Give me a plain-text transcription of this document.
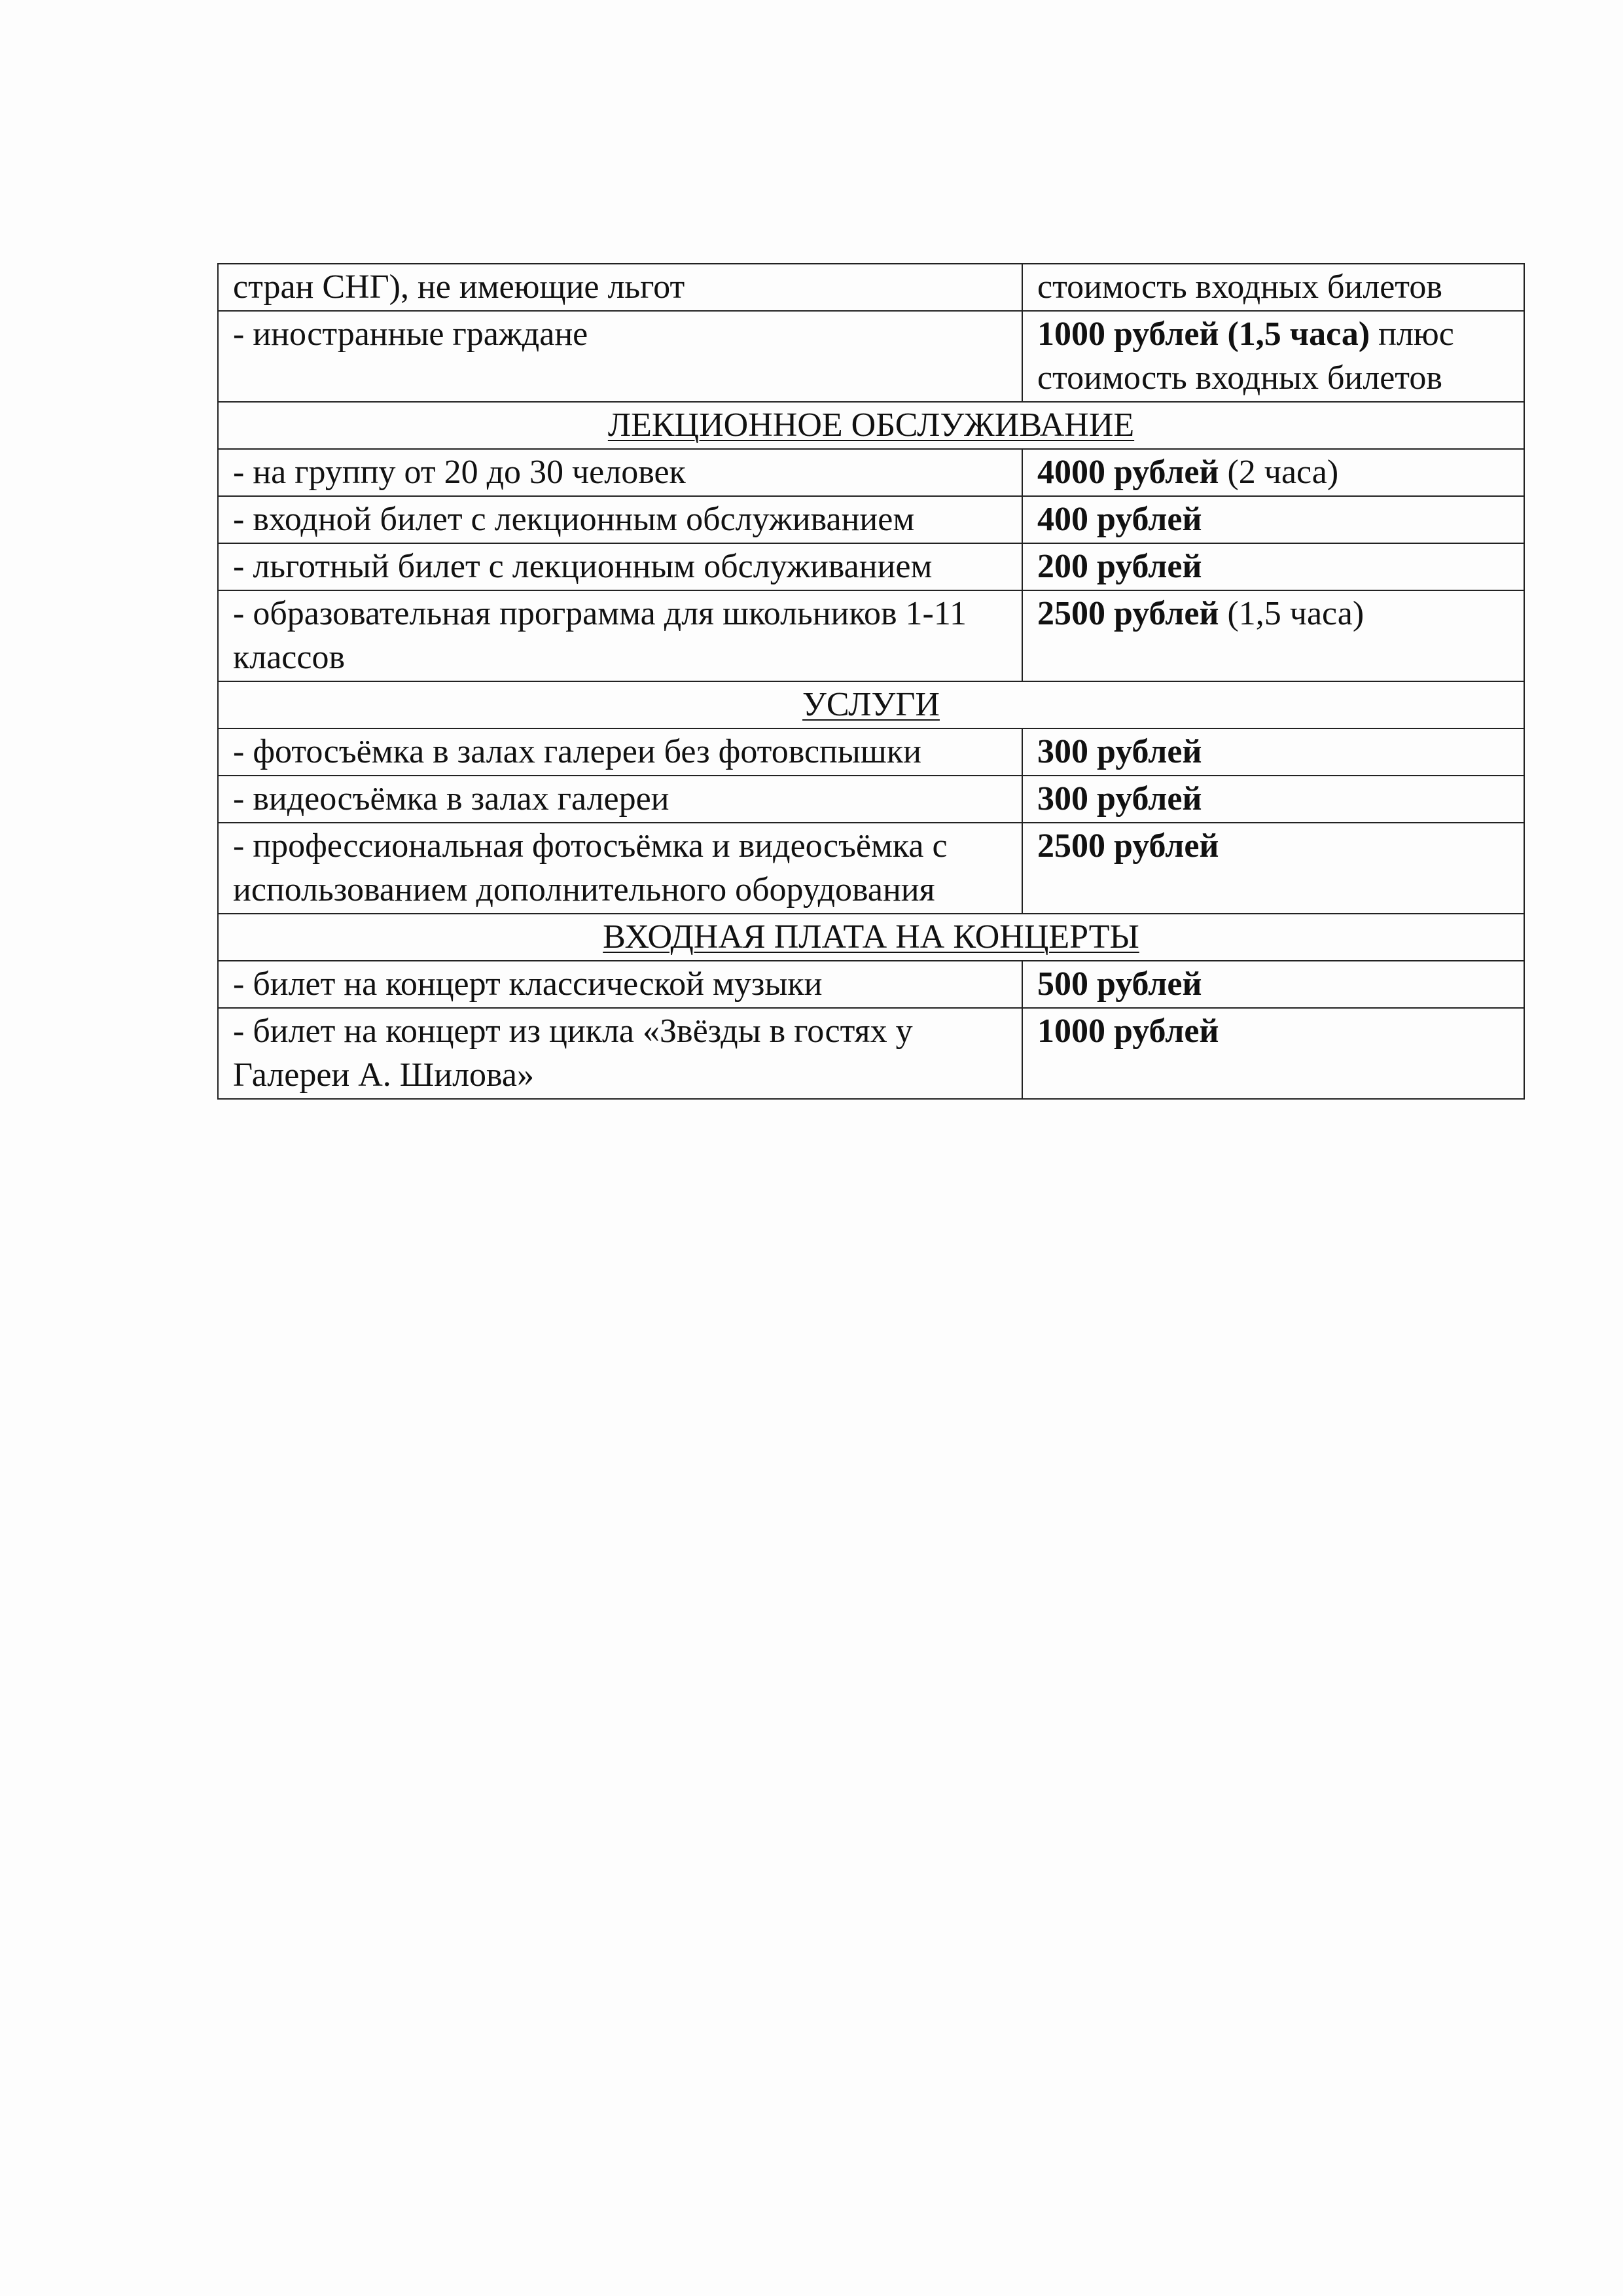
стран СНГ), не имеющие льгот	стоимость входных билетов
- иностранные граждане	1000 рублей (1,5 часа) плюс стоимость входных билетов
ЛЕКЦИОННОЕ ОБСЛУЖИВАНИЕ	
- на группу от 20 до 30 человек	4000 рублей (2 часа)
- входной билет с лекционным обслуживанием	400 рублей
- льготный билет с лекционным обслуживанием	200 рублей
- образовательная программа для школьников 1-11 классов	2500 рублей (1,5 часа)
УСЛУГИ	
- фотосъёмка в залах галереи без фотовспышки	300 рублей
- видеосъёмка в залах галереи	300 рублей
- профессиональная фотосъёмка и видеосъёмка с использованием дополнительного оборудования	2500 рублей
ВХОДНАЯ ПЛАТА НА КОНЦЕРТЫ	
- билет на концерт классической музыки	500 рублей
- билет на концерт из цикла «Звёзды в гостях у Галереи А. Шилова»	1000 рублей
